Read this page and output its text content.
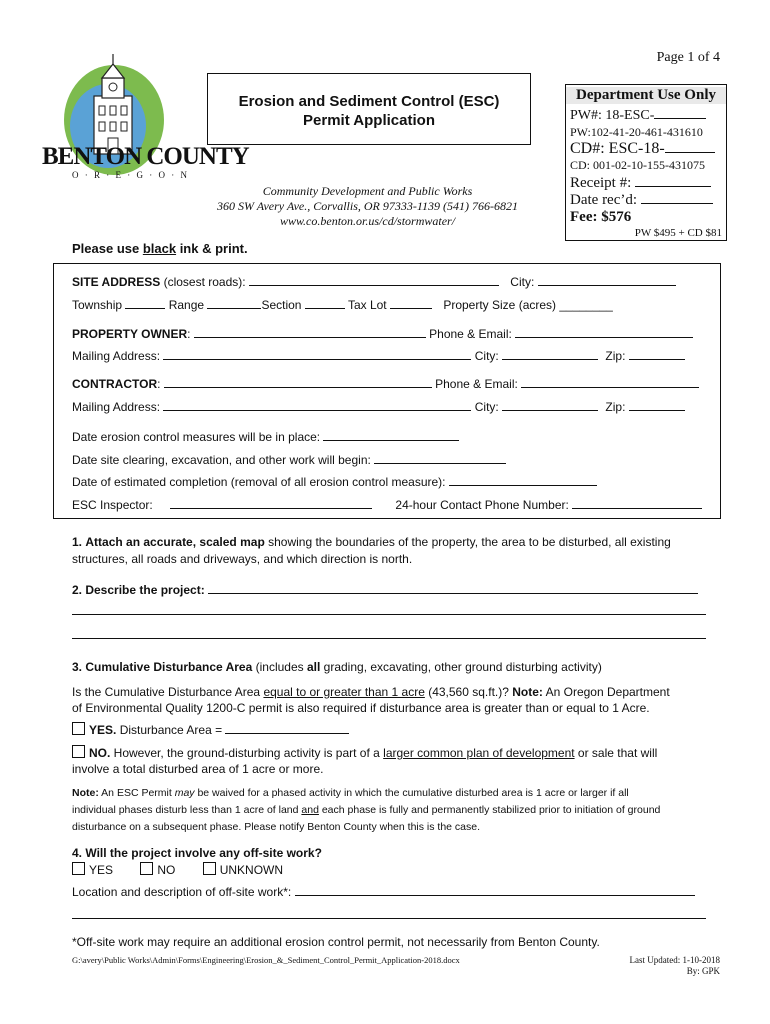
Page 1 of 4
BENTON COUNTY
O · R · E · G · O · N
Erosion and Sediment Control (ESC)
Permit Application
Community Development and Public Works
360 SW Avery Ave., Corvallis, OR 97333-1139 (541) 766-6821
www.co.benton.or.us/cd/stormwater/
Department Use Only
PW#: 18-ESC-
PW:102-41-20-461-431610
CD#: ESC-18-
CD: 001-02-10-155-431075
Receipt #:
Date rec’d:
Fee: $576
PW $495 + CD $81
Please use black ink & print.
SITE ADDRESS (closest roads):	City:
Township	Range	Section	Tax Lot	Property Size (acres) ________
PROPERTY OWNER:	Phone & Email:
Mailing Address:	City:	Zip:
CONTRACTOR:	Phone & Email:
Mailing Address:	City:	Zip:
Date erosion control measures will be in place:
Date site clearing, excavation, and other work will begin:
Date of estimated completion (removal of all erosion control measure):
ESC Inspector:	24-hour Contact Phone Number:
1. Attach an accurate, scaled map showing the boundaries of the property, the area to be disturbed, all existing
structures, all roads and driveways, and which direction is north.
2. Describe the project:
3. Cumulative Disturbance Area (includes all grading, excavating, other ground disturbing activity)
Is the Cumulative Disturbance Area equal to or greater than 1 acre (43,560 sq.ft.)? Note: An Oregon Department
of Environmental Quality 1200-C permit is also required if disturbance area is greater than or equal to 1 Acre.
YES. Disturbance Area =
NO. However, the ground-disturbing activity is part of a larger common plan of development or sale that will
involve a total disturbed area of 1 acre or more.
Note: An ESC Permit may be waived for a phased activity in which the cumulative disturbed area is 1 acre or larger if all
individual phases disturb less than 1 acre of land and each phase is fully and permanently stabilized prior to initiation of ground
disturbance on a subsequent phase. Please notify Benton County when this is the case.
4. Will the project involve any off-site work?
YES	NO	UNKNOWN
Location and description of off-site work*:
*Off-site work may require an additional erosion control permit, not necessarily from Benton County.
G:\avery\Public Works\Admin\Forms\Engineering\Erosion_&_Sediment_Control_Permit_Application-2018.docx	Last Updated: 1-10-2018
By: GPK
